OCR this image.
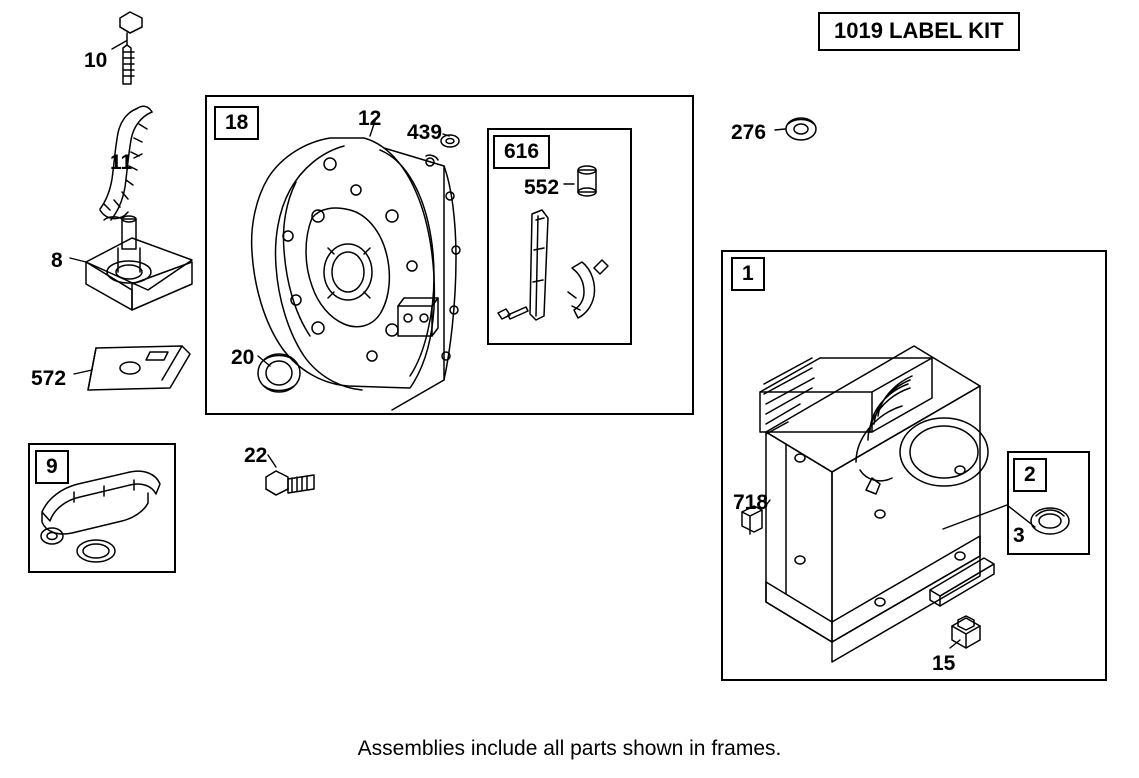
1019 LABEL KIT
18
616
9
1
2
10
11
8
572
12
439
20
552
276
22
718
3
15
Assemblies include all parts shown in frames.
